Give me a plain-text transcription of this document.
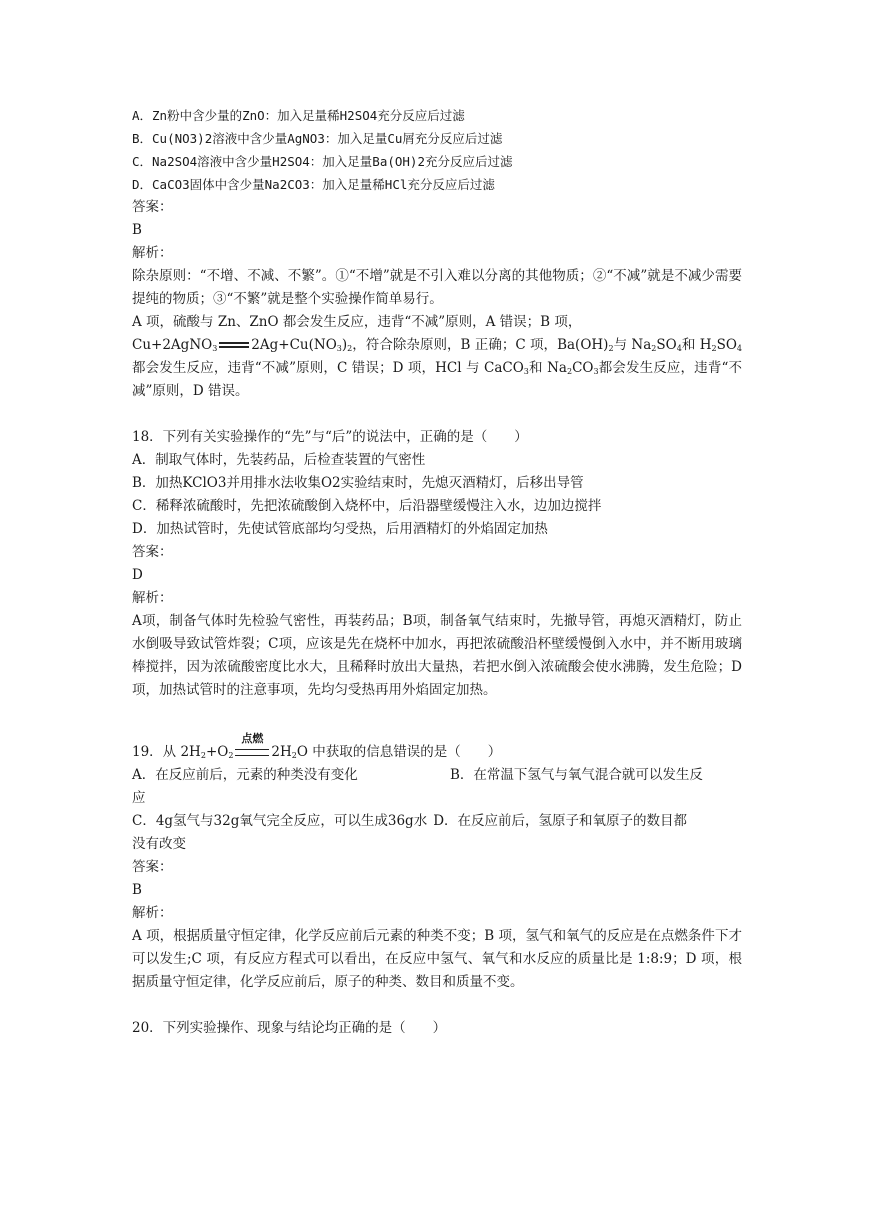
A．Zn粉中含少量的ZnO：加入足量稀H2SO4充分反应后过滤
B．Cu(NO3)2溶液中含少量AgNO3：加入足量Cu屑充分反应后过滤
C．Na2SO4溶液中含少量H2SO4：加入足量Ba(OH)2充分反应后过滤
D．CaCO3固体中含少量Na2CO3：加入足量稀HCl充分反应后过滤
答案：
B
解析：
除杂原则：“不增、不减、不繁”。①“不增”就是不引入难以分离的其他物质；②“不减”就是不减少需要提纯的物质；③“不繁”就是整个实验操作简单易行。
A 项，硫酸与 Zn、ZnO 都会发生反应，违背“不减”原则，A 错误；B 项，
Cu+2AgNO$_3$	$2Ag+Cu(NO_3)_2$，符合除杂原则，B 正确；C 项，$Ba(OH)_2$与 $Na_2SO_4$和 $H_2SO_4$都会发生反应，违背“不减”原则，C 错误；D 项，HCl 与 CaCO$_3$和 $Na_2CO_3$都会发生反应，违背“不减”原则，D 错误。
18．下列有关实验操作的“先”与“后”的说法中，正确的是（　　）
A．制取气体时，先装药品，后检查装置的气密性
B．加热KClO3并用排水法收集O2实验结束时，先熄灭酒精灯，后移出导管
C．稀释浓硫酸时，先把浓硫酸倒入烧杯中，后沿器壁缓慢注入水，边加边搅拌
D．加热试管时，先使试管底部均匀受热，后用酒精灯的外焰固定加热
答案：
D
解析：
A项，制备气体时先检验气密性，再装药品；B项，制备氧气结束时，先撤导管，再熄灭酒精灯，防止水倒吸导致试管炸裂；C项，应该是先在烧杯中加水，再把浓硫酸沿杯壁缓慢倒入水中，并不断用玻璃棒搅拌，因为浓硫酸密度比水大，且稀释时放出大量热，若把水倒入浓硫酸会使水沸腾，发生危险；D项，加热试管时的注意事项，先均匀受热再用外焰固定加热。
19．从 $2H_2+O_2$
点燃
$2H_2O$ 中获取的信息错误的是（　　）
A．在反应前后，元素的种类没有变化	B．在常温下氢气与氧气混合就可以发生反
应
C．4g氢气与32g氧气完全反应，可以生成36g水 D．在反应前后，氢原子和氧原子的数目都
没有改变
答案：
B
解析：
A 项，根据质量守恒定律，化学反应前后元素的种类不变；B 项，氢气和氧气的反应是在点燃条件下才可以发生;C 项，有反应方程式可以看出，在反应中氢气、氧气和水反应的质量比是 1:8:9；D 项，根据质量守恒定律，化学反应前后，原子的种类、数目和质量不变。
20．下列实验操作、现象与结论均正确的是（　　）
